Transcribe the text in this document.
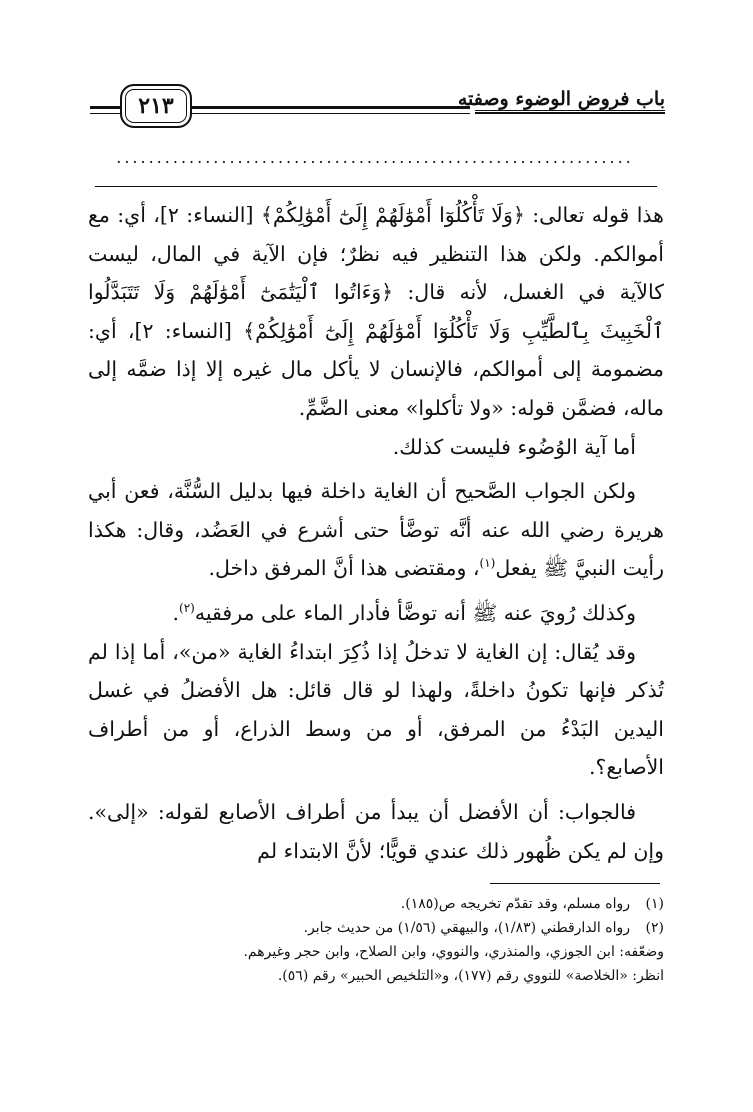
٢١٣	باب فروض الوضوء وصفته
................................................................

هذا قوله تعالى: ﴿وَلَا تَأْكُلُوٓا أَمْوَٰلَهُمْ إِلَىٰٓ أَمْوَٰلِكُمْ﴾ [النساء: ٢]، أي: مع أموالكم. ولكن هذا التنظير فيه نظرٌ؛ فإن الآية في المال، ليست كالآية في الغسل، لأنه قال: ﴿وَءَاتُوا ٱلْيَتَٰمَىٰٓ أَمْوَٰلَهُمْ وَلَا تَتَبَدَّلُوا ٱلْخَبِيثَ بِٱلطَّيِّبِ وَلَا تَأْكُلُوٓا أَمْوَٰلَهُمْ إِلَىٰٓ أَمْوَٰلِكُمْ﴾ [النساء: ٢]، أي: مضمومة إلى أموالكم، فالإنسان لا يأكل مال غيره إلا إذا ضمَّه إلى ماله، فضمَّن قوله: «ولا تأكلوا» معنى الضَّمِّ.

أما آية الوُضُوء فليست كذلك.

ولكن الجواب الصَّحيح أن الغاية داخلة فيها بدليل السُّنَّة، فعن أبي هريرة رضي الله عنه أنَّه توضَّأ حتى أشرع في العَضُد، وقال: هكذا رأيت النبيَّ ﷺ يفعل$^{(١)}$، ومقتضى هذا أنَّ المرفق داخل.

وكذلك رُويَ عنه ﷺ أنه توضَّأ فأدار الماء على مرفقيه$^{(٢)}$.

وقد يُقال: إن الغاية لا تدخلُ إذا ذُكِرَ ابتداءُ الغاية «من»، أما إذا لم تُذكر فإنها تكونُ داخلةً، ولهذا لو قال قائل: هل الأفضلُ في غسل اليدين البَدْءُ من المرفق، أو من وسط الذراع، أو من أطراف الأصابع؟.

فالجواب: أن الأفضل أن يبدأ من أطراف الأصابع لقوله: «إلى». وإن لم يكن ظُهور ذلك عندي قويًّا؛ لأنَّ الابتداء لم

(١)
رواه مسلم، وقد تقدّم تخريجه ص(١٨٥).
(٢)
رواه الدارقطني (١/٨٣)، والبيهقي (١/٥٦) من حديث جابر.
وضعّفه: ابن الجوزي، والمنذري، والنووي، وابن الصلاح، وابن حجر وغيرهم.
انظر: «الخلاصة» للنووي رقم (١٧٧)، و«التلخيص الحبير» رقم (٥٦).
